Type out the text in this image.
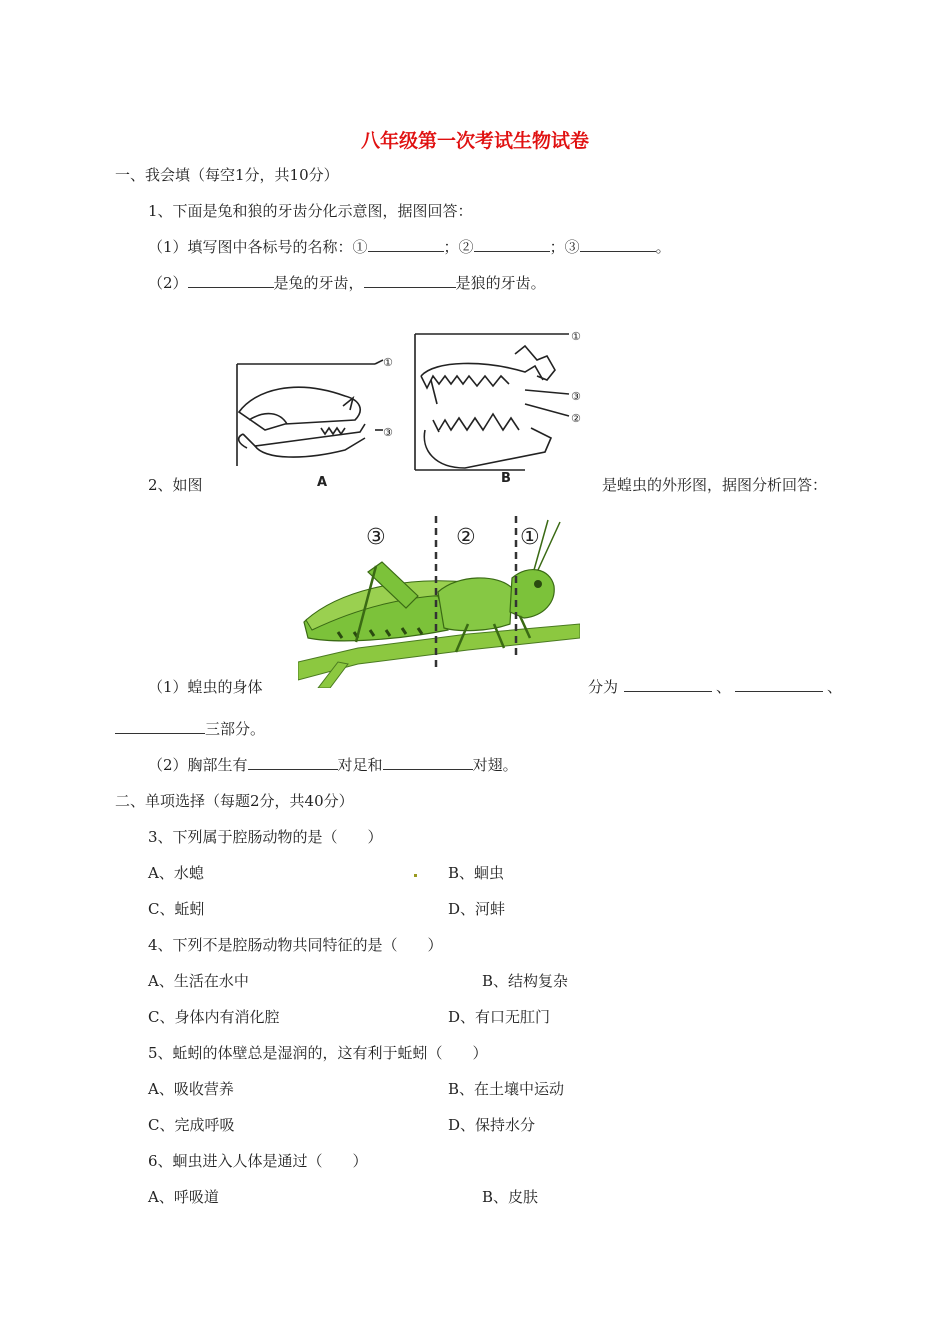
八年级第一次考试生物试卷
一、我会填（每空1分，共10分）
1、下面是兔和狼的牙齿分化示意图，据图回答：
（1）填写图中各标号的名称：①	；②	；③	。
（2）	是兔的牙齿，	是狼的牙齿。
①
③
A
①
③
②
B
2、如图	是蝗虫的外形图，据图分析回答：
③	② ①
（1）蝗虫的身体	分为	、	、
三部分。
（2）胸部生有	对足和	对翅。
二、单项选择（每题2分，共40分）
3、下列属于腔肠动物的是（　　）
A、水螅	B、蛔虫
C、蚯蚓	D、河蚌
4、下列不是腔肠动物共同特征的是（　　）
A、生活在水中	B、结构复杂
C、身体内有消化腔	D、有口无肛门
5、蚯蚓的体壁总是湿润的，这有利于蚯蚓（　　）
A、吸收营养	B、在土壤中运动
C、完成呼吸	D、保持水分
6、蛔虫进入人体是通过（　　）
A、呼吸道	B、皮肤
